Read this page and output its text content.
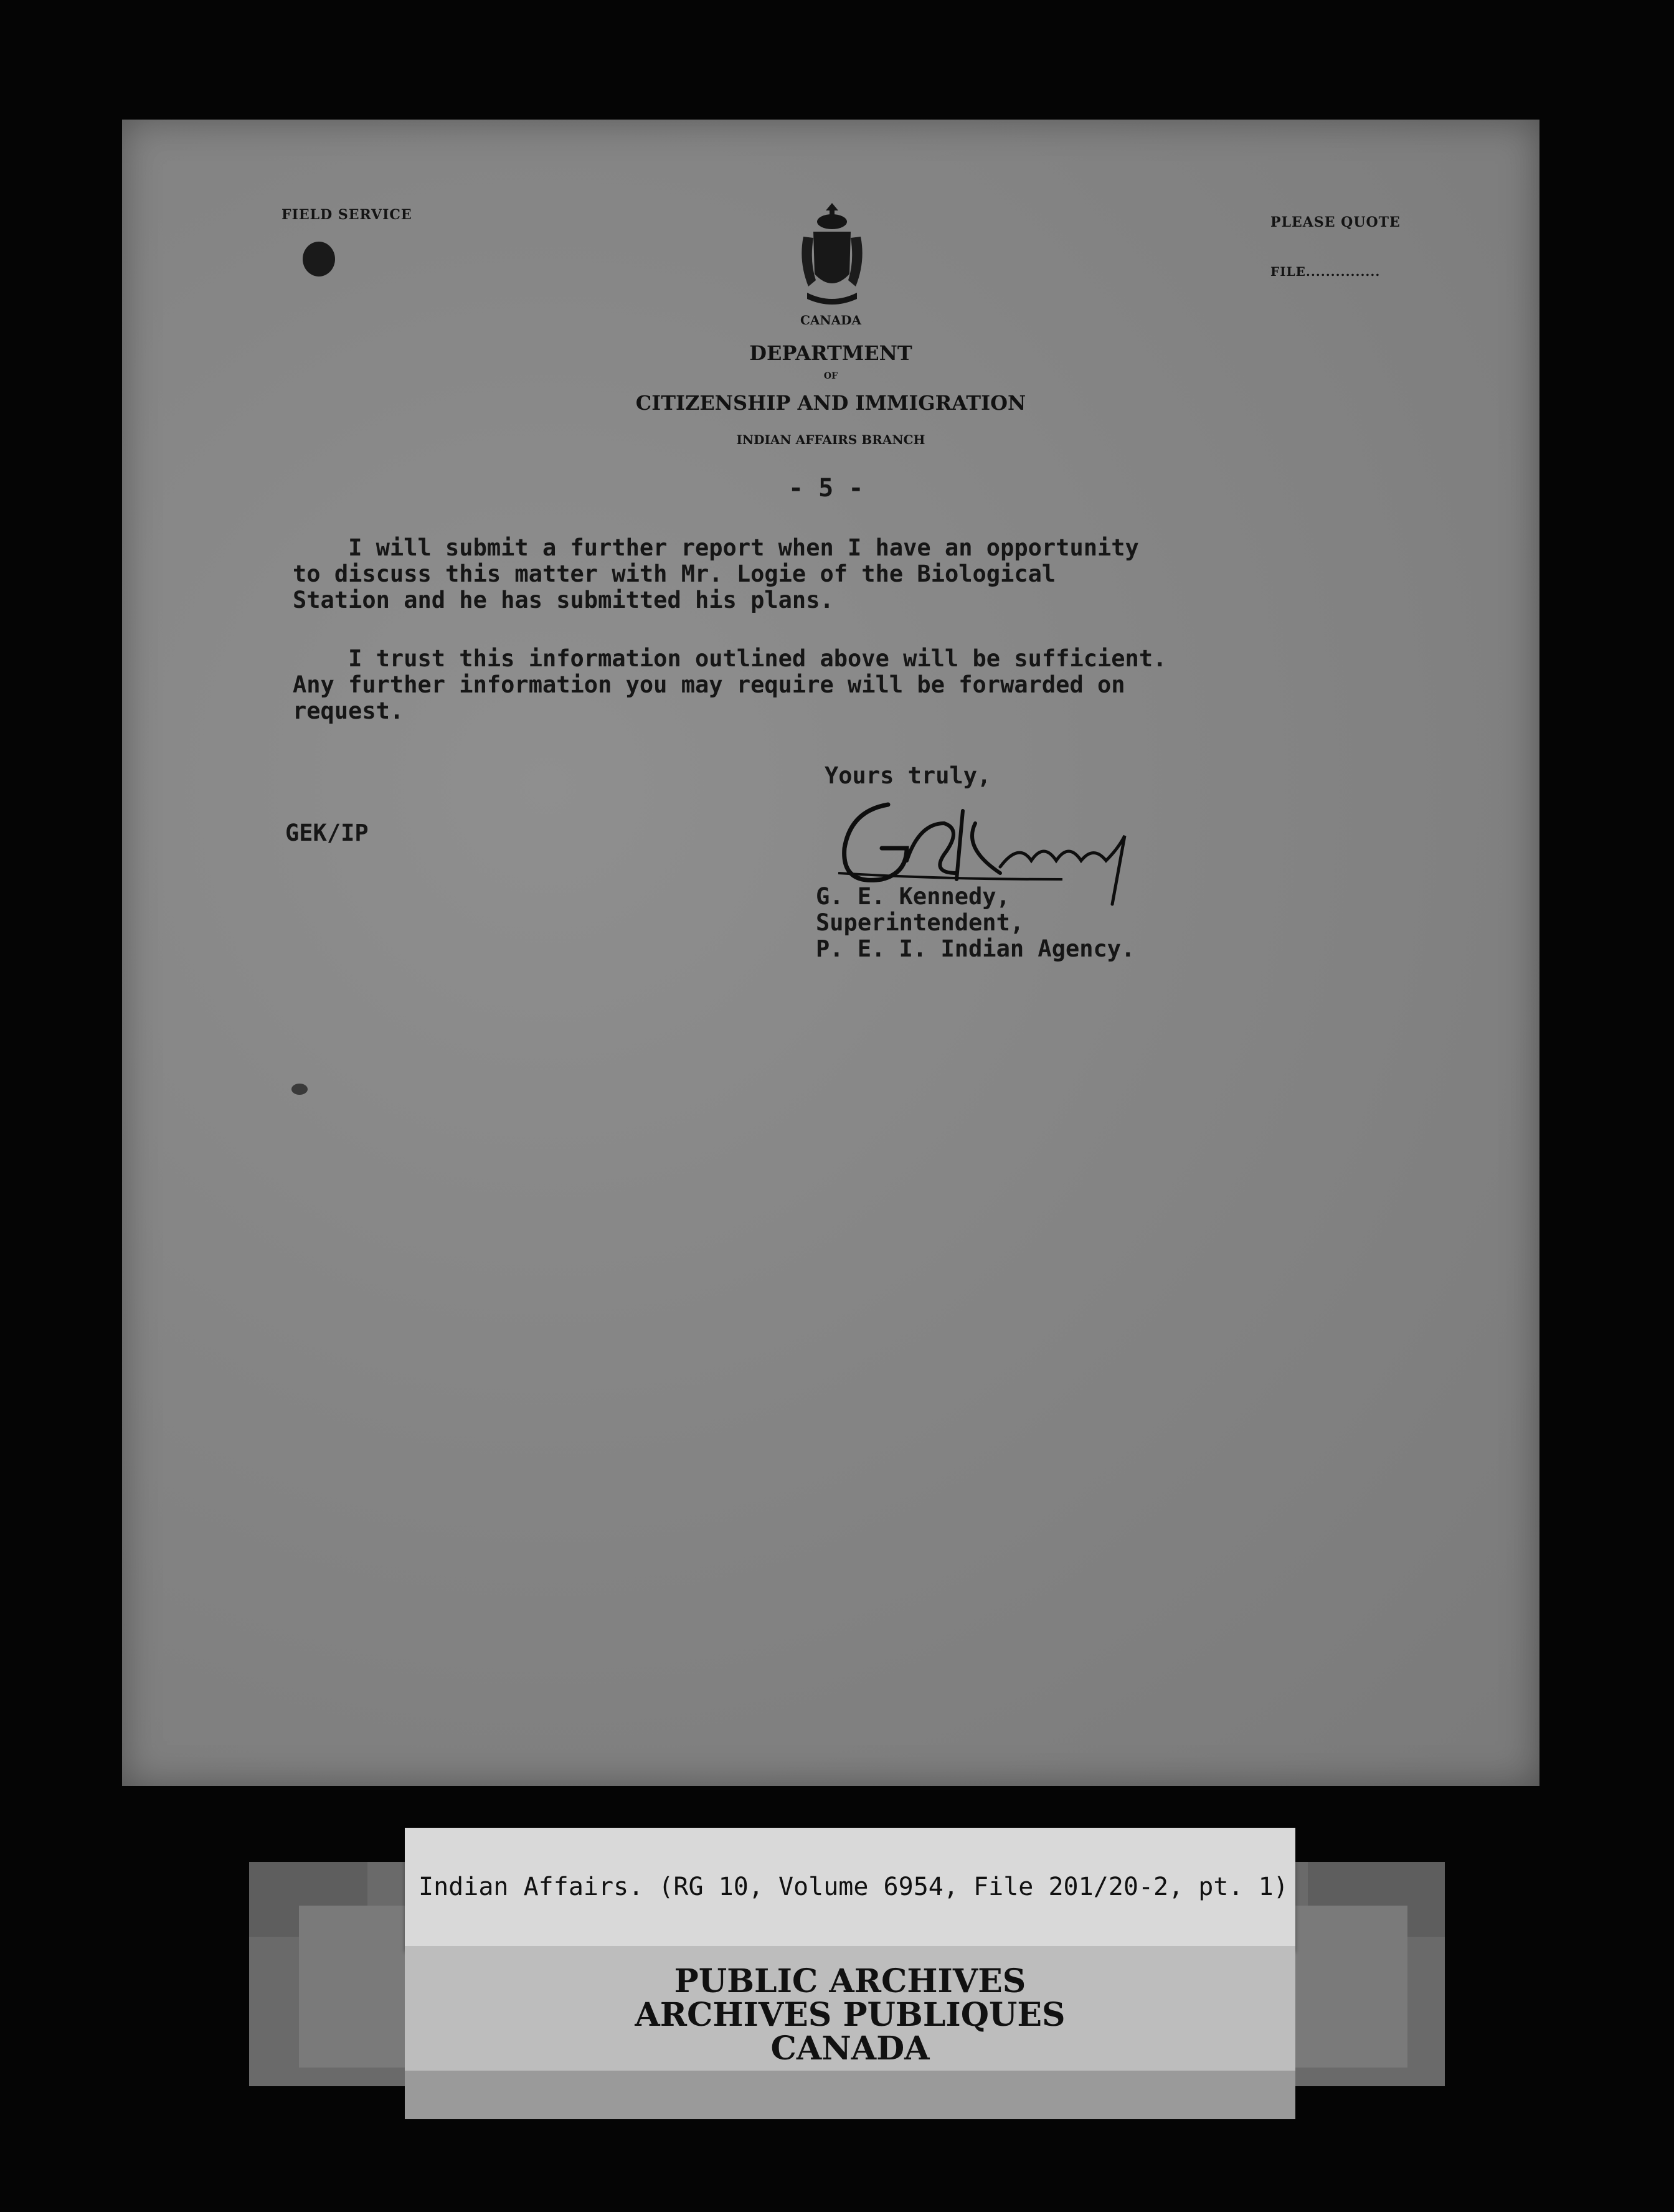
FIELD SERVICE	PLEASE QUOTE
FILE...............
CANADA
DEPARTMENT
OF
CITIZENSHIP AND IMMIGRATION
INDIAN AFFAIRS BRANCH
- 5 -
I will submit a further report when I have an opportunity
to discuss this matter with Mr. Logie of the Biological
Station and he has submitted his plans.
I trust this information outlined above will be sufficient.
Any further information you may require will be forwarded on
request.
Yours truly,
GEK/IP
G. E. Kennedy,
Superintendent,
P. E. I. Indian Agency.
Indian Affairs. (RG 10, Volume 6954, File 201/20-2, pt. 1)
PUBLIC ARCHIVES
ARCHIVES PUBLIQUES
CANADA
